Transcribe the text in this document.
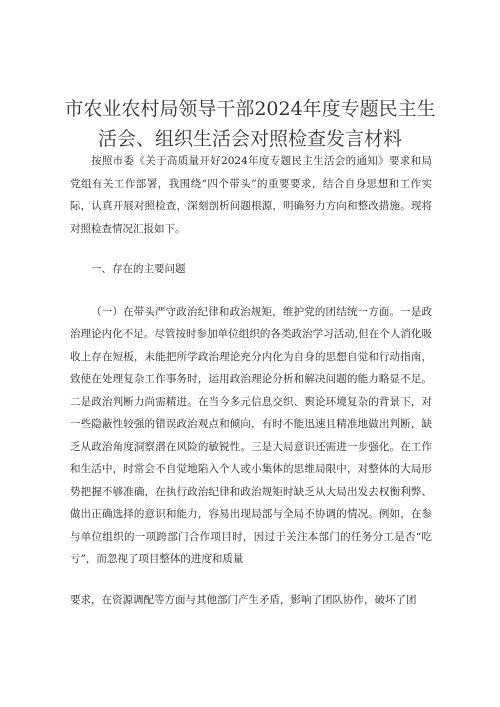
市农业农村局领导干部2024年度专题民主生
活会、组织生活会对照检查发言材料
按照市委《关于高质量开好2024年度专题民主生活会的通知》要求和局党组有关工作部署，我围绕“四个带头”的重要要求，结合自身思想和工作实际，认真开展对照检查，深刻剖析问题根源，明确努力方向和整改措施。现将对照检查情况汇报如下。
一、存在的主要问题
（一）在带头严守政治纪律和政治规矩，维护党的团结统一方面。一是政治理论内化不足。尽管按时参加单位组织的各类政治学习活动,但在个人消化吸收上存在短板，未能把所学政治理论充分内化为自身的思想自觉和行动指南，致使在处理复杂工作事务时，运用政治理论分析和解决问题的能力略显不足。二是政治判断力尚需精进。在当今多元信息交织、舆论环境复杂的背景下，对一些隐蔽性较强的错误政治观点和倾向，有时不能迅速且精准地做出判断，缺乏从政治角度洞察潜在风险的敏锐性。三是大局意识还需进一步强化。在工作和生活中，时常会不自觉地陷入个人或小集体的思维局限中，对整体的大局形势把握不够准确，在执行政治纪律和政治规矩时缺乏从大局出发去权衡利弊、做出正确选择的意识和能力，容易出现局部与全局不协调的情况。例如，在参与单位组织的一项跨部门合作项目时，因过于关注本部门的任务分工是否“吃亏”，而忽视了项目整体的进度和质量
要求，在资源调配等方面与其他部门产生矛盾，影响了团队协作，破坏了团
